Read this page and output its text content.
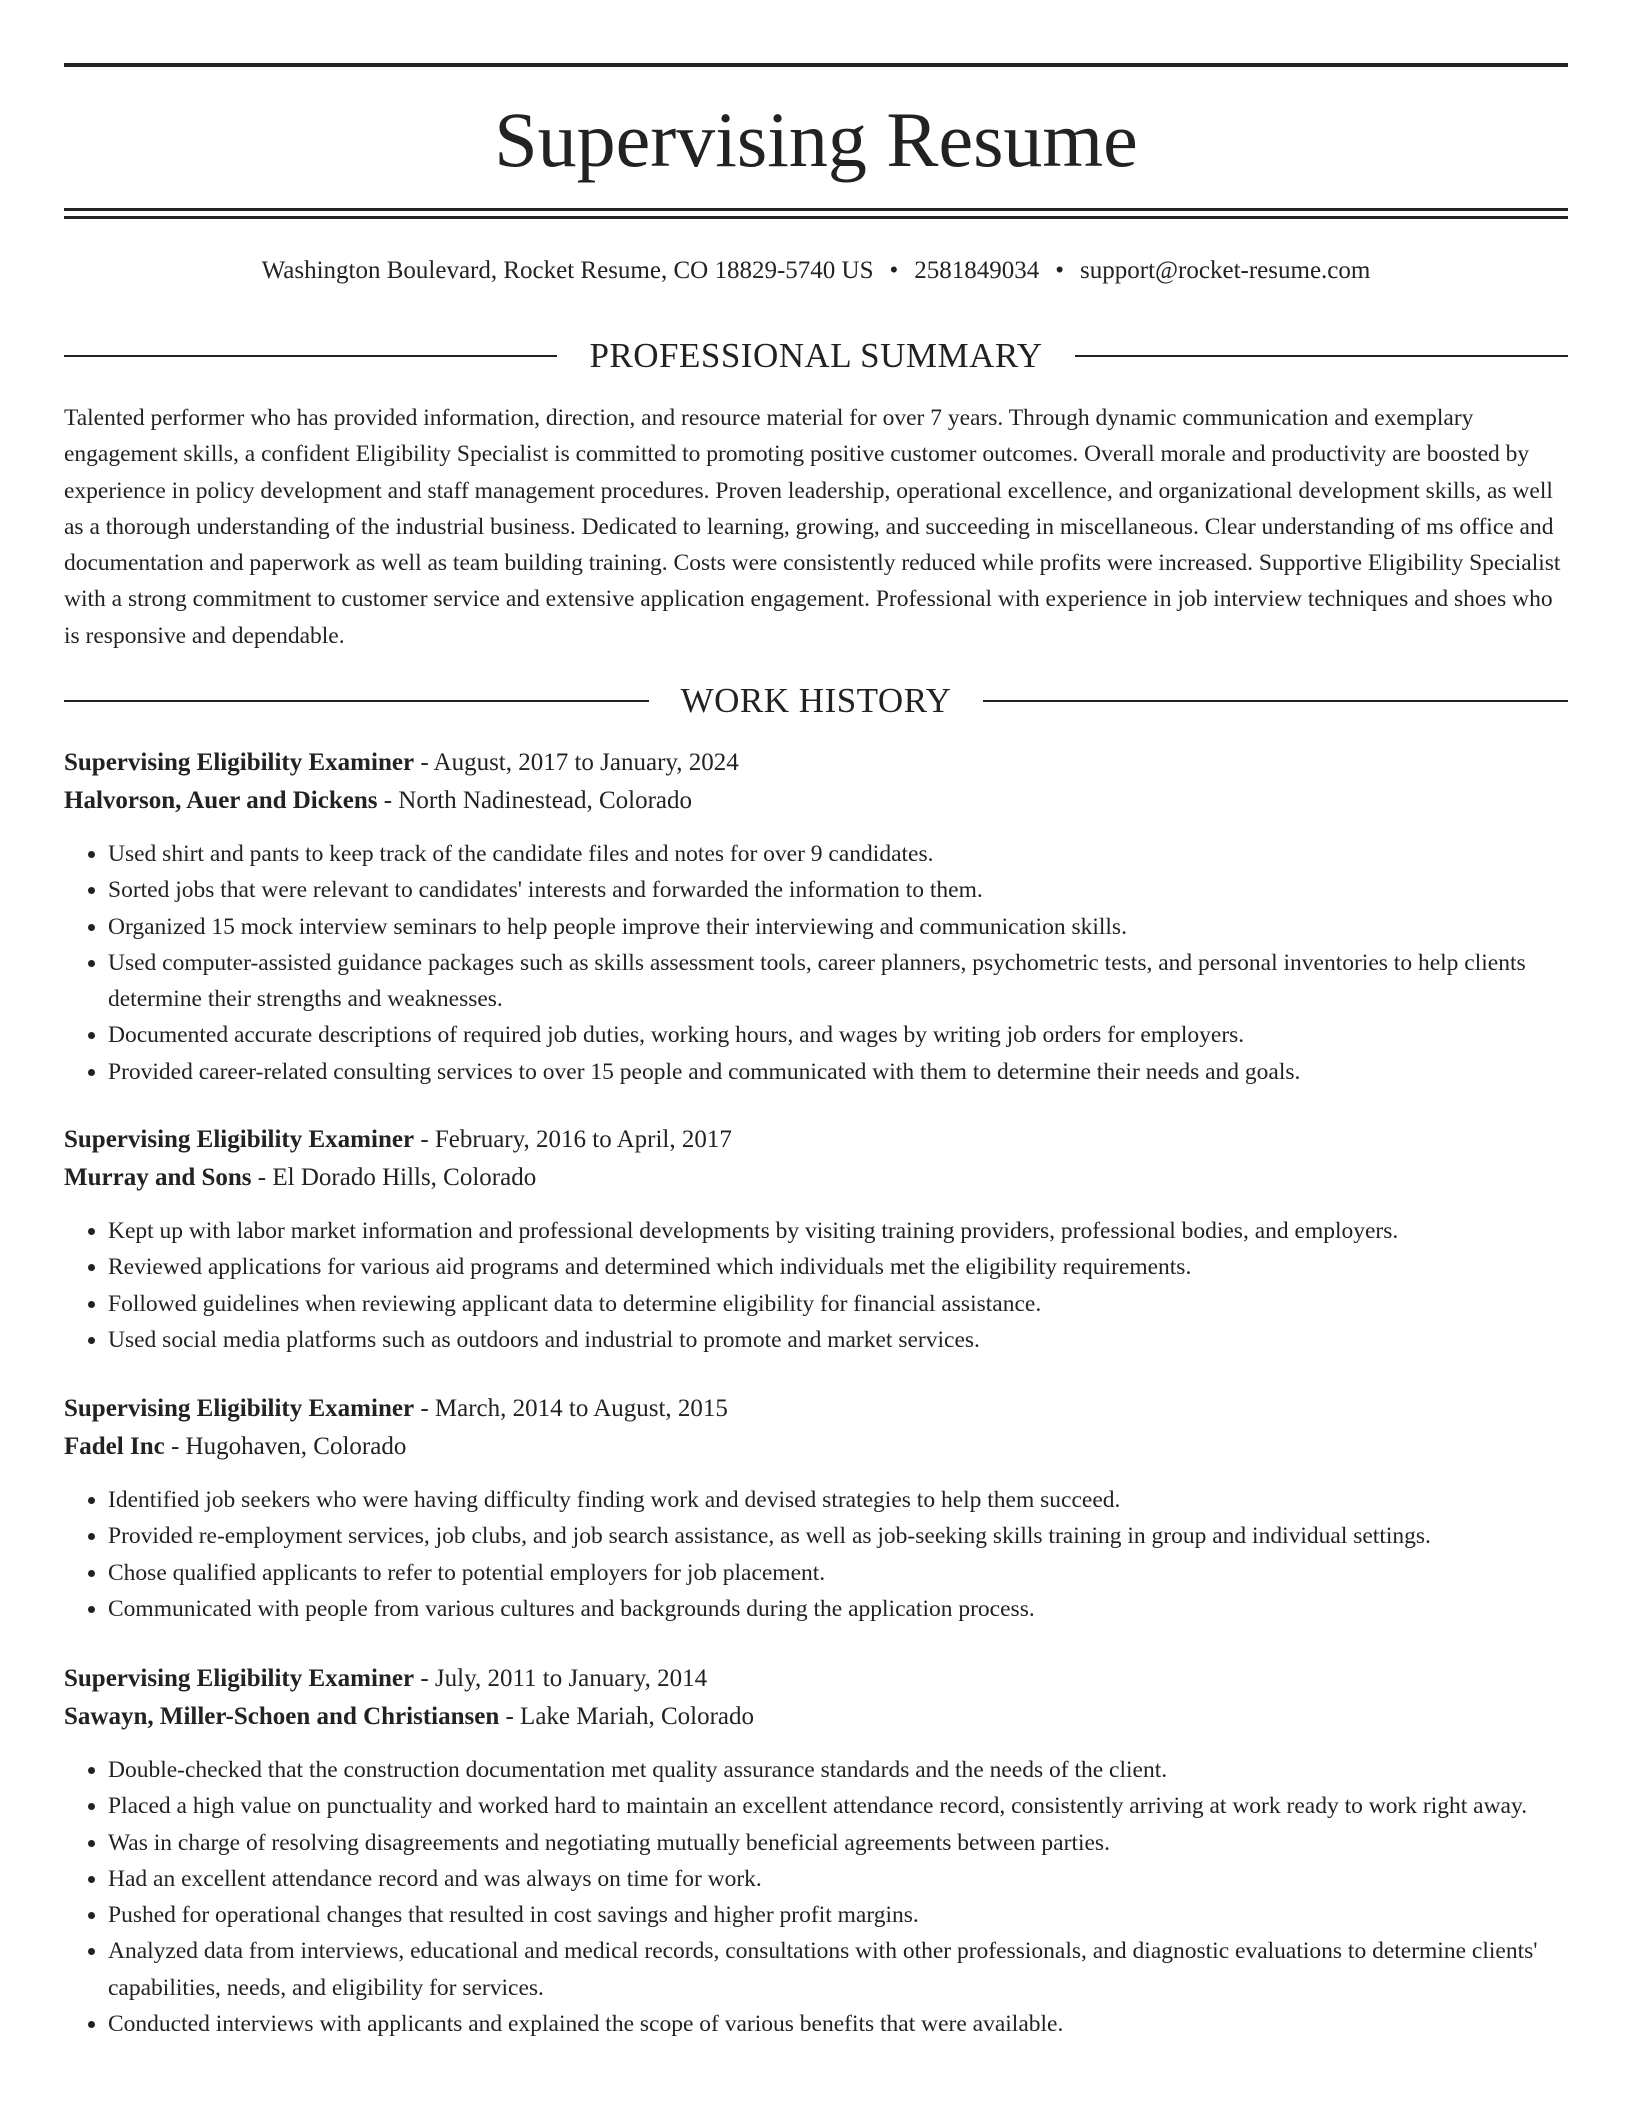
Supervising Resume
Washington Boulevard, Rocket Resume, CO 18829-5740 US • 2581849034 • support@rocket-resume.com
PROFESSIONAL SUMMARY

Talented performer who has provided information, direction, and resource material for over 7 years. Through dynamic communication and exemplary engagement skills, a confident Eligibility Specialist is committed to promoting positive customer outcomes. Overall morale and productivity are boosted by experience in policy development and staff management procedures. Proven leadership, operational excellence, and organizational development skills, as well as a thorough understanding of the industrial business. Dedicated to learning, growing, and succeeding in miscellaneous. Clear understanding of ms office and documentation and paperwork as well as team building training. Costs were consistently reduced while profits were increased. Supportive Eligibility Specialist with a strong commitment to customer service and extensive application engagement. Professional with experience in job interview techniques and shoes who is responsive and dependable.

WORK HISTORY
Supervising Eligibility Examiner - August, 2017 to January, 2024
Halvorson, Auer and Dickens - North Nadinestead, Colorado
• Used shirt and pants to keep track of the candidate files and notes for over 9 candidates.
• Sorted jobs that were relevant to candidates' interests and forwarded the information to them.
• Organized 15 mock interview seminars to help people improve their interviewing and communication skills.
• Used computer-assisted guidance packages such as skills assessment tools, career planners, psychometric tests, and personal inventories to help clients determine their strengths and weaknesses.
• Documented accurate descriptions of required job duties, working hours, and wages by writing job orders for employers.
• Provided career-related consulting services to over 15 people and communicated with them to determine their needs and goals.
Supervising Eligibility Examiner - February, 2016 to April, 2017
Murray and Sons - El Dorado Hills, Colorado
• Kept up with labor market information and professional developments by visiting training providers, professional bodies, and employers.
• Reviewed applications for various aid programs and determined which individuals met the eligibility requirements.
• Followed guidelines when reviewing applicant data to determine eligibility for financial assistance.
• Used social media platforms such as outdoors and industrial to promote and market services.
Supervising Eligibility Examiner - March, 2014 to August, 2015
Fadel Inc - Hugohaven, Colorado
• Identified job seekers who were having difficulty finding work and devised strategies to help them succeed.
• Provided re-employment services, job clubs, and job search assistance, as well as job-seeking skills training in group and individual settings.
• Chose qualified applicants to refer to potential employers for job placement.
• Communicated with people from various cultures and backgrounds during the application process.
Supervising Eligibility Examiner - July, 2011 to January, 2014
Sawayn, Miller-Schoen and Christiansen - Lake Mariah, Colorado
• Double-checked that the construction documentation met quality assurance standards and the needs of the client.
• Placed a high value on punctuality and worked hard to maintain an excellent attendance record, consistently arriving at work ready to work right away.
• Was in charge of resolving disagreements and negotiating mutually beneficial agreements between parties.
• Had an excellent attendance record and was always on time for work.
• Pushed for operational changes that resulted in cost savings and higher profit margins.
• Analyzed data from interviews, educational and medical records, consultations with other professionals, and diagnostic evaluations to determine clients' capabilities, needs, and eligibility for services.
• Conducted interviews with applicants and explained the scope of various benefits that were available.
